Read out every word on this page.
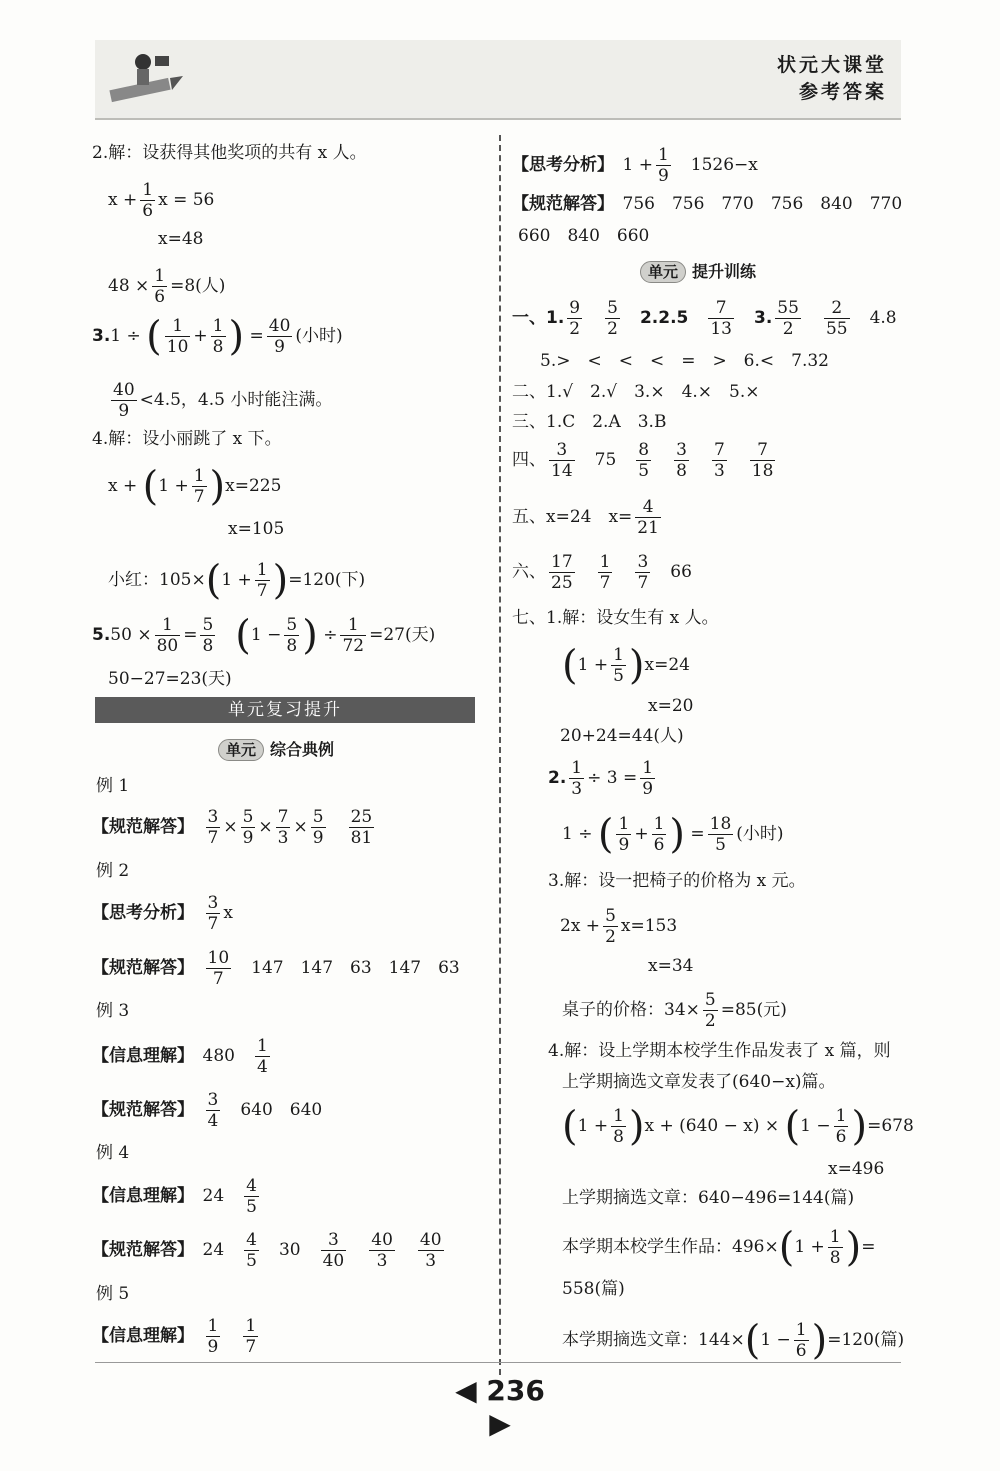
状元大课堂
参考答案
2.解：设获得其他奖项的共有 x 人。
$x + \frac{1}{6}$ x = 56
x=48
$48 \times \frac{1}{6} =8$(人)
3.1 ÷ ( $\frac{1}{10} + \frac{1}{8}$ ) = $\frac{40}{9}$ (小时)
$\frac{40}{9} <4.5$，4.5 小时能注满。
4.解：设小丽跳了 x 下。
$x + (1 + \frac{1}{7} )x=225$
x=105
小红：$105\times(1 + \frac{1}{7} )=120$(下)
$5.50 \times \frac{1}{80} = \frac{5}{8}$
　 ($1 - \frac{5}{8}$ ) ÷ $\frac{1}{72} =27$(天)
50−27=23(天)
单元复习提升
单元 综合典例
例 1
【规范解答】　 $\frac{3}{7} \times \frac{5}{9} \times \frac{7}{3} \times \frac{5}{9}$
　 $\frac{25}{81}$
例 2
【思考分析】　 $\frac{3}{7}$ x
【规范解答】　 $\frac{10}{7}$ 　147　147　63　147　63
例 3
【信息理解】　480　 $\frac{1}{4}$
【规范解答】　 $\frac{3}{4}$ 　640　640
例 4
【信息理解】　24　 $\frac{4}{5}$
【规范解答】　24　 $\frac{4}{5}$ 　30　 $\frac{3}{40}$
　 $\frac{40}{3}$
　 $\frac{40}{3}$
例 5
【信息理解】　 $\frac{1}{9}$
　 $\frac{1}{7}$
【思考分析】　$1 + \frac{1}{9}$
　 1526−x
【规范解答】　 756　756　770　756　840　770
660　840　660
单元 提升训练
一、1. $\frac{9}{2}$
　 $\frac{5}{2}$
　 2.2.5　 $\frac{7}{13}$
　 3. $\frac{55}{2}$
　 $\frac{2}{55}$
　 4.8
5.>　<　<　<　=　>　6.<　7.32
二、1.√　2.√　3.×　4.×　5.×
三、1.C　2.A　3.B
四、 $\frac{3}{14}$ 　75　 $\frac{8}{5}$
　 $\frac{3}{8}$
　 $\frac{7}{3}$
　 $\frac{7}{18}$
五、x=24　$x= \frac{4}{21}$
六、 $\frac{17}{25}$
　 $\frac{1}{7}$
　 $\frac{3}{7}$ 　66
七、1.解：设女生有 x 人。
$(1 + \frac{1}{5} )x=24$
x=20
20+24=44(人)
2. $\frac{1}{3} \div 3 = \frac{1}{9}$
1 ÷ ( $\frac{1}{9} + \frac{1}{6}$ ) = $\frac{18}{5}$ (小时)
3.解：设一把椅子的价格为 x 元。
$2x + \frac{5}{2} x=153$
x=34
桌子的价格：$34\times \frac{5}{2} =85$(元)
4.解：设上学期本校学生作品发表了 x 篇，则
上学期摘选文章发表了(640−x)篇。
$(1 + \frac{1}{8} )x + (640 - x) \times (1 - \frac{1}{6} )=678$
x=496
上学期摘选文章：640−496=144(篇)
本学期本校学生作品：$496\times(1 + \frac{1}{8}$ )=
558(篇)
本学期摘选文章：$144\times(1 - \frac{1}{6} )=120$(篇)
◀ 236 ▶
